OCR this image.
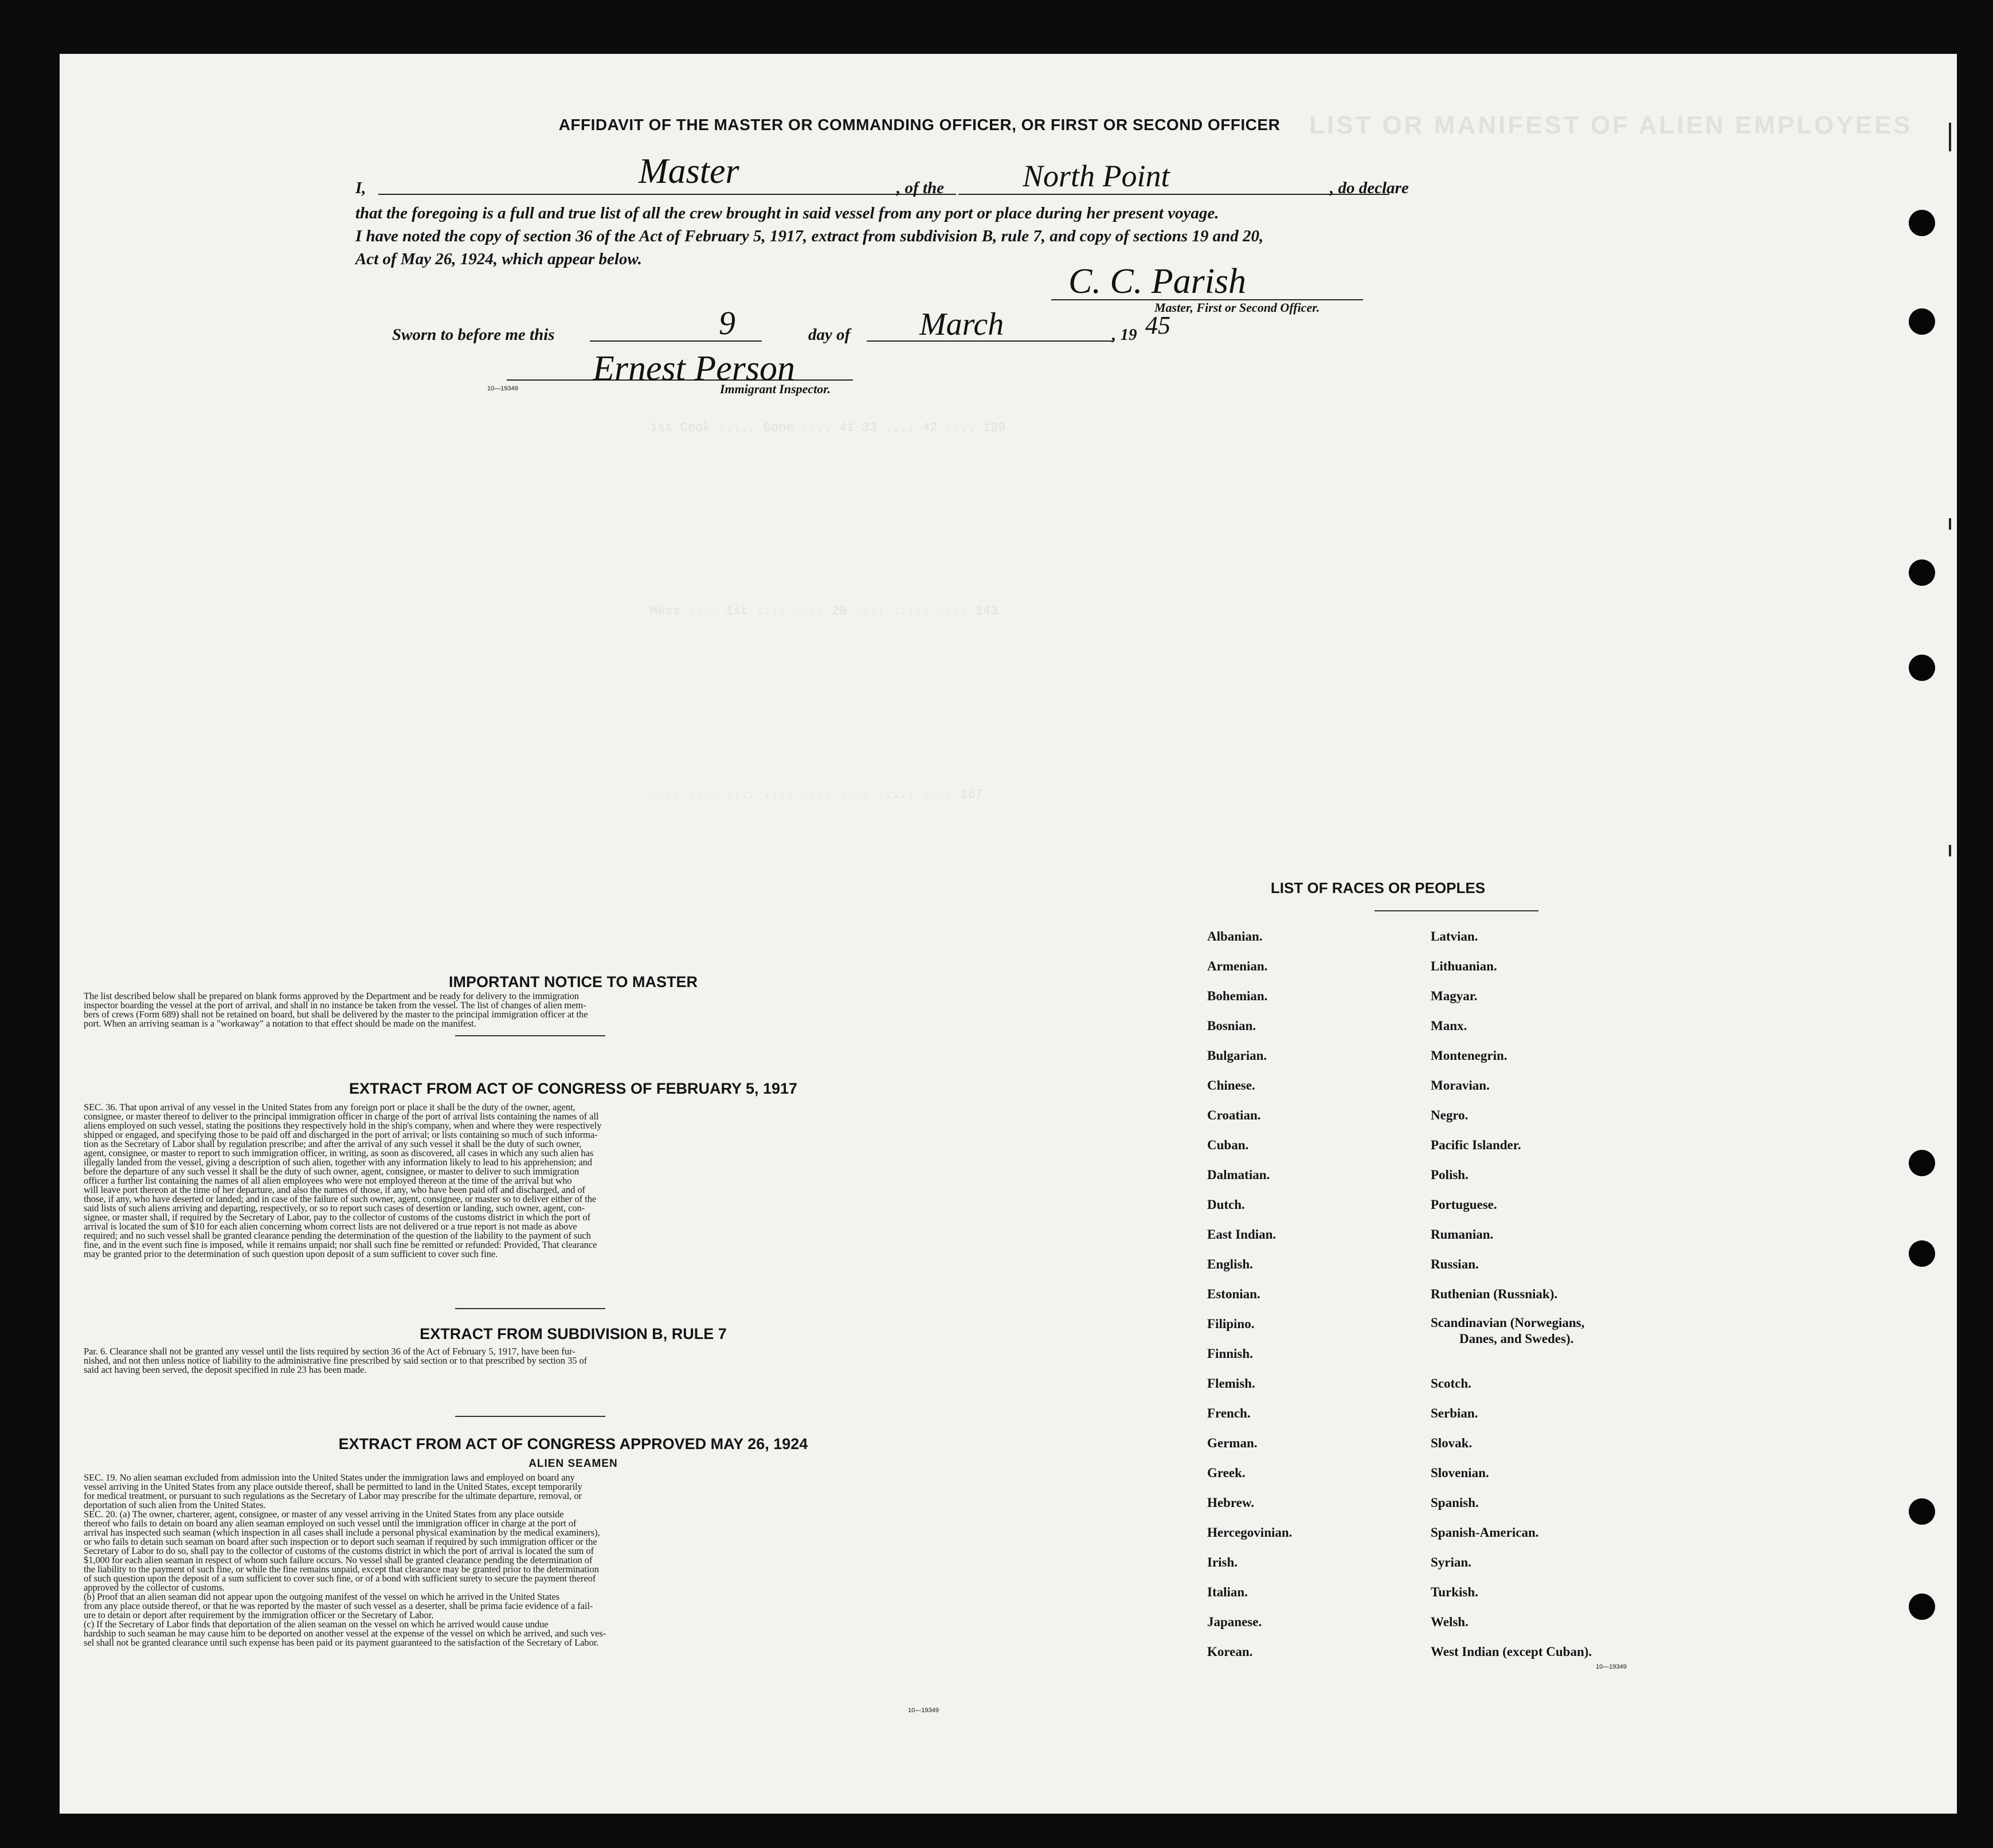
LIST OR MANIFEST OF ALIEN EMPLOYEES
1st Cook ..... Gone .... 41 33 .... 42 .... 129
Mess .... 1st .... .... 28 .... ..... .... 143
.... .... .... .... .... .... ..... .... 167
AFFIDAVIT OF THE MASTER OR COMMANDING OFFICER, OR FIRST OR SECOND OFFICER
I,	Master	, of the	North Point	, do declare
that the foregoing is a full and true list of all the crew brought in said vessel from any port or place during her present voyage.
I have noted the copy of section 36 of the Act of February 5, 1917, extract from subdivision B, rule 7, and copy of sections 19 and 20,
Act of May 26, 1924, which appear below.
C. C. Parish
Master, First or Second Officer.
Sworn to before me this	9	day of March	, 19 45
Ernest Person
Immigrant Inspector.
10—19349
IMPORTANT NOTICE TO MASTER
The list described below shall be prepared on blank forms approved by the Department and be ready for delivery to the immigration
inspector boarding the vessel at the port of arrival, and shall in no instance be taken from the vessel. The list of changes of alien mem-
bers of crews (Form 689) shall not be retained on board, but shall be delivered by the master to the principal immigration officer at the
port. When an arriving seaman is a "workaway" a notation to that effect should be made on the manifest.
EXTRACT FROM ACT OF CONGRESS OF FEBRUARY 5, 1917
SEC. 36. That upon arrival of any vessel in the United States from any foreign port or place it shall be the duty of the owner, agent,
consignee, or master thereof to deliver to the principal immigration officer in charge of the port of arrival lists containing the names of all
aliens employed on such vessel, stating the positions they respectively hold in the ship's company, when and where they were respectively
shipped or engaged, and specifying those to be paid off and discharged in the port of arrival; or lists containing so much of such informa-
tion as the Secretary of Labor shall by regulation prescribe; and after the arrival of any such vessel it shall be the duty of such owner,
agent, consignee, or master to report to such immigration officer, in writing, as soon as discovered, all cases in which any such alien has
illegally landed from the vessel, giving a description of such alien, together with any information likely to lead to his apprehension; and
before the departure of any such vessel it shall be the duty of such owner, agent, consignee, or master to deliver to such immigration
officer a further list containing the names of all alien employees who were not employed thereon at the time of the arrival but who
will leave port thereon at the time of her departure, and also the names of those, if any, who have been paid off and discharged, and of
those, if any, who have deserted or landed; and in case of the failure of such owner, agent, consignee, or master so to deliver either of the
said lists of such aliens arriving and departing, respectively, or so to report such cases of desertion or landing, such owner, agent, con-
signee, or master shall, if required by the Secretary of Labor, pay to the collector of customs of the customs district in which the port of
arrival is located the sum of $10 for each alien concerning whom correct lists are not delivered or a true report is not made as above
required; and no such vessel shall be granted clearance pending the determination of the question of the liability to the payment of such
fine, and in the event such fine is imposed, while it remains unpaid; nor shall such fine be remitted or refunded: Provided, That clearance
may be granted prior to the determination of such question upon deposit of a sum sufficient to cover such fine.
EXTRACT FROM SUBDIVISION B, RULE 7
Par. 6. Clearance shall not be granted any vessel until the lists required by section 36 of the Act of February 5, 1917, have been fur-
nished, and not then unless notice of liability to the administrative fine prescribed by said section or to that prescribed by section 35 of
said act having been served, the deposit specified in rule 23 has been made.
EXTRACT FROM ACT OF CONGRESS APPROVED MAY 26, 1924
ALIEN SEAMEN
SEC. 19. No alien seaman excluded from admission into the United States under the immigration laws and employed on board any
vessel arriving in the United States from any place outside thereof, shall be permitted to land in the United States, except temporarily
for medical treatment, or pursuant to such regulations as the Secretary of Labor may prescribe for the ultimate departure, removal, or
deportation of such alien from the United States.
SEC. 20. (a) The owner, charterer, agent, consignee, or master of any vessel arriving in the United States from any place outside
thereof who fails to detain on board any alien seaman employed on such vessel until the immigration officer in charge at the port of
arrival has inspected such seaman (which inspection in all cases shall include a personal physical examination by the medical examiners),
or who fails to detain such seaman on board after such inspection or to deport such seaman if required by such immigration officer or the
Secretary of Labor to do so, shall pay to the collector of customs of the customs district in which the port of arrival is located the sum of
$1,000 for each alien seaman in respect of whom such failure occurs. No vessel shall be granted clearance pending the determination of
the liability to the payment of such fine, or while the fine remains unpaid, except that clearance may be granted prior to the determination
of such question upon the deposit of a sum sufficient to cover such fine, or of a bond with sufficient surety to secure the payment thereof
approved by the collector of customs.
(b) Proof that an alien seaman did not appear upon the outgoing manifest of the vessel on which he arrived in the United States
from any place outside thereof, or that he was reported by the master of such vessel as a deserter, shall be prima facie evidence of a fail-
ure to detain or deport after requirement by the immigration officer or the Secretary of Labor.
(c) If the Secretary of Labor finds that deportation of the alien seaman on the vessel on which he arrived would cause undue
hardship to such seaman he may cause him to be deported on another vessel at the expense of the vessel on which he arrived, and such ves-
sel shall not be granted clearance until such expense has been paid or its payment guaranteed to the satisfaction of the Secretary of Labor.
10—19349
LIST OF RACES OR PEOPLES
Albanian.
Armenian.
Bohemian.
Bosnian.
Bulgarian.
Chinese.
Croatian.
Cuban.
Dalmatian.
Dutch.
East Indian.
English.
Estonian.
Filipino.
Finnish.
Flemish.
French.
German.
Greek.
Hebrew.
Hercegovinian.
Irish.
Italian.
Japanese.
Korean.
Latvian.
Lithuanian.
Magyar.
Manx.
Montenegrin.
Moravian.
Negro.
Pacific Islander.
Polish.
Portuguese.
Rumanian.
Russian.
Ruthenian (Russniak).
Scandinavian (Norwegians,
Danes, and Swedes).
Scotch.
Serbian.
Slovak.
Slovenian.
Spanish.
Spanish-American.
Syrian.
Turkish.
Welsh.
West Indian (except Cuban).
10—19349
